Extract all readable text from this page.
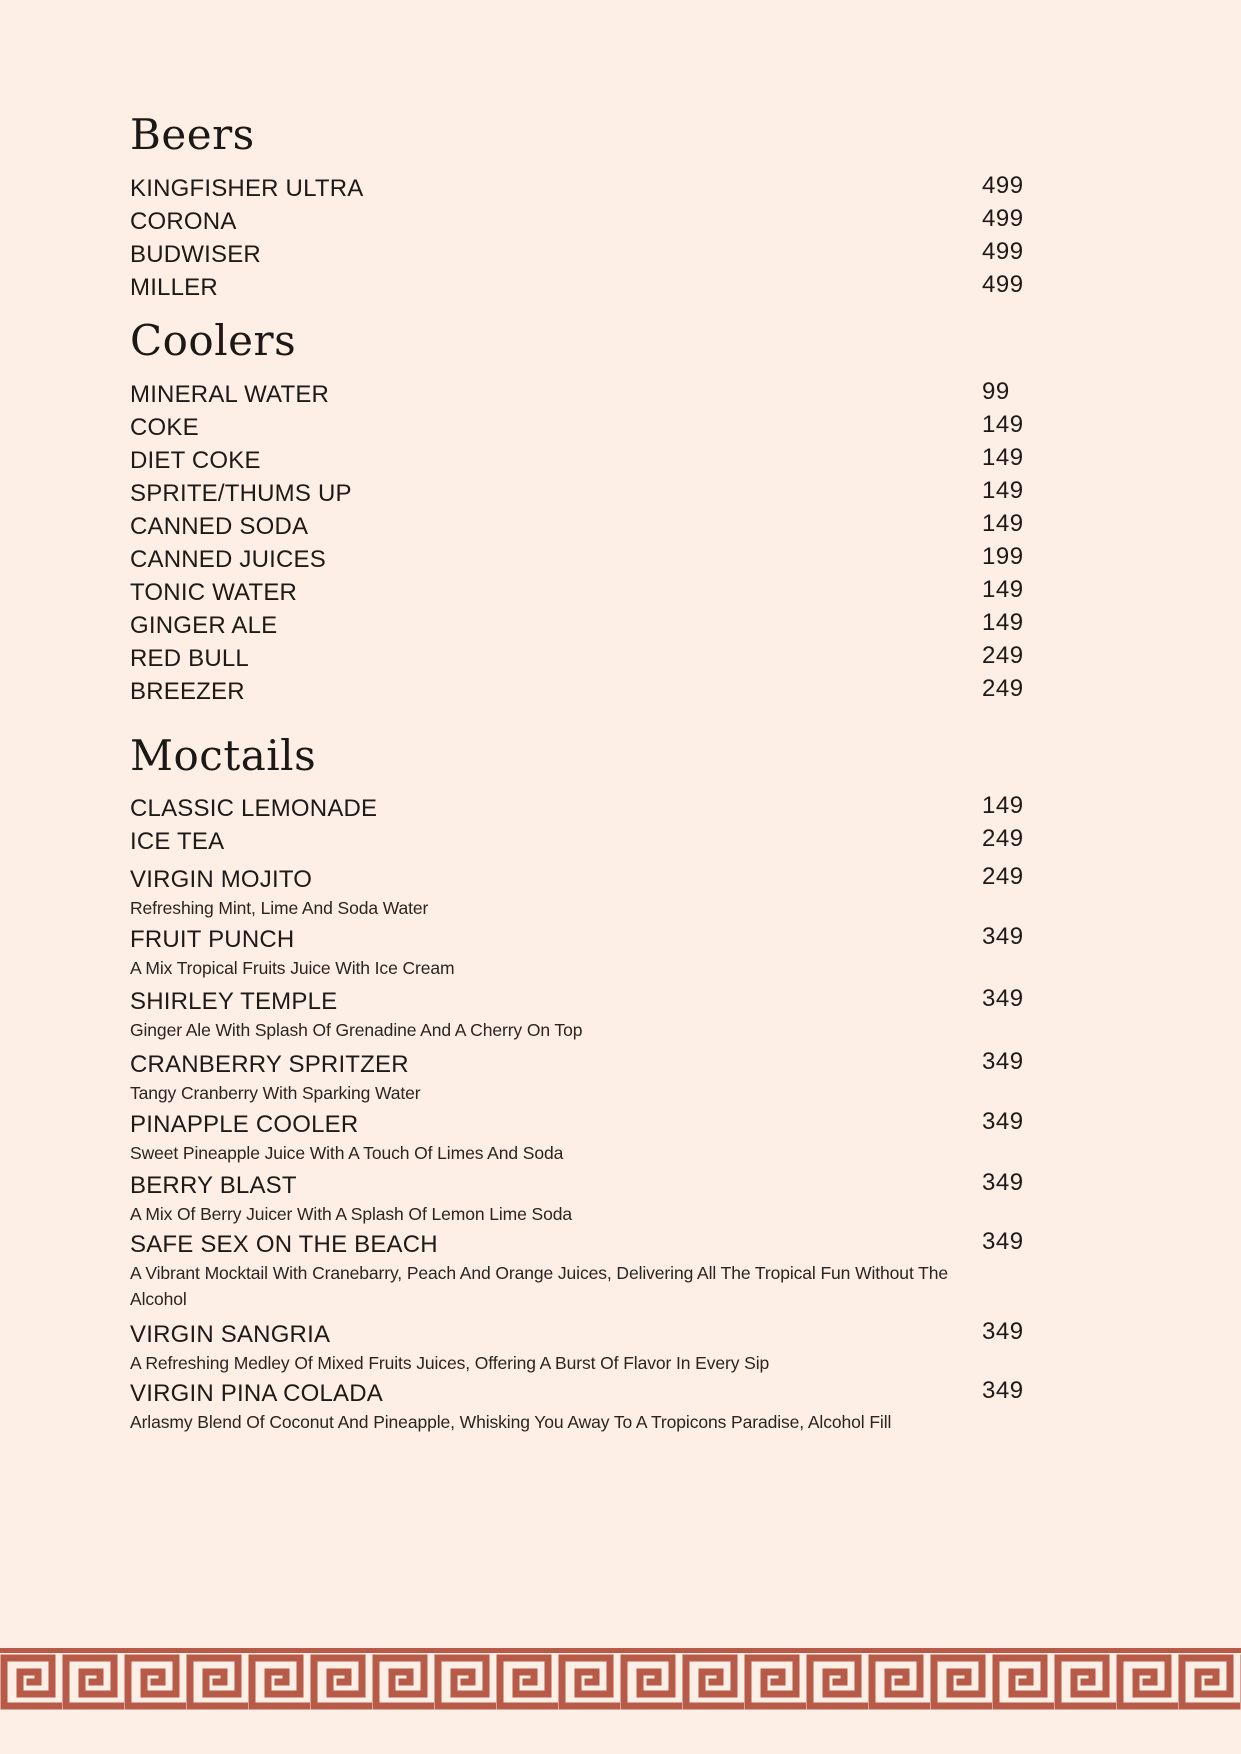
Beers
KINGFISHER ULTRA	499
CORONA	499
BUDWISER	499
MILLER	499
Coolers
MINERAL WATER	99
COKE	149
DIET COKE	149
SPRITE/THUMS UP	149
CANNED SODA	149
CANNED JUICES	199
TONIC WATER	149
GINGER ALE	149
RED BULL	249
BREEZER	249
Moctails
CLASSIC LEMONADE	149
ICE TEA	249
VIRGIN MOJITO	249
Refreshing Mint, Lime And Soda Water
FRUIT PUNCH	349
A Mix Tropical Fruits Juice With Ice Cream
SHIRLEY TEMPLE	349
Ginger Ale With Splash Of Grenadine And A Cherry On Top
CRANBERRY SPRITZER	349
Tangy Cranberry With Sparking Water
PINAPPLE COOLER	349
Sweet Pineapple Juice With A Touch Of Limes And Soda
BERRY BLAST	349
A Mix Of Berry Juicer With A Splash Of Lemon Lime Soda
SAFE SEX ON THE BEACH	349
A Vibrant Mocktail With Cranebarry, Peach And Orange Juices, Delivering All The Tropical Fun Without The Alcohol
VIRGIN SANGRIA	349
A Refreshing Medley Of Mixed Fruits Juices, Offering A Burst Of Flavor In Every Sip
VIRGIN PINA COLADA	349
Arlasmy Blend Of Coconut And Pineapple, Whisking You Away To A Tropicons Paradise, Alcohol Fill
